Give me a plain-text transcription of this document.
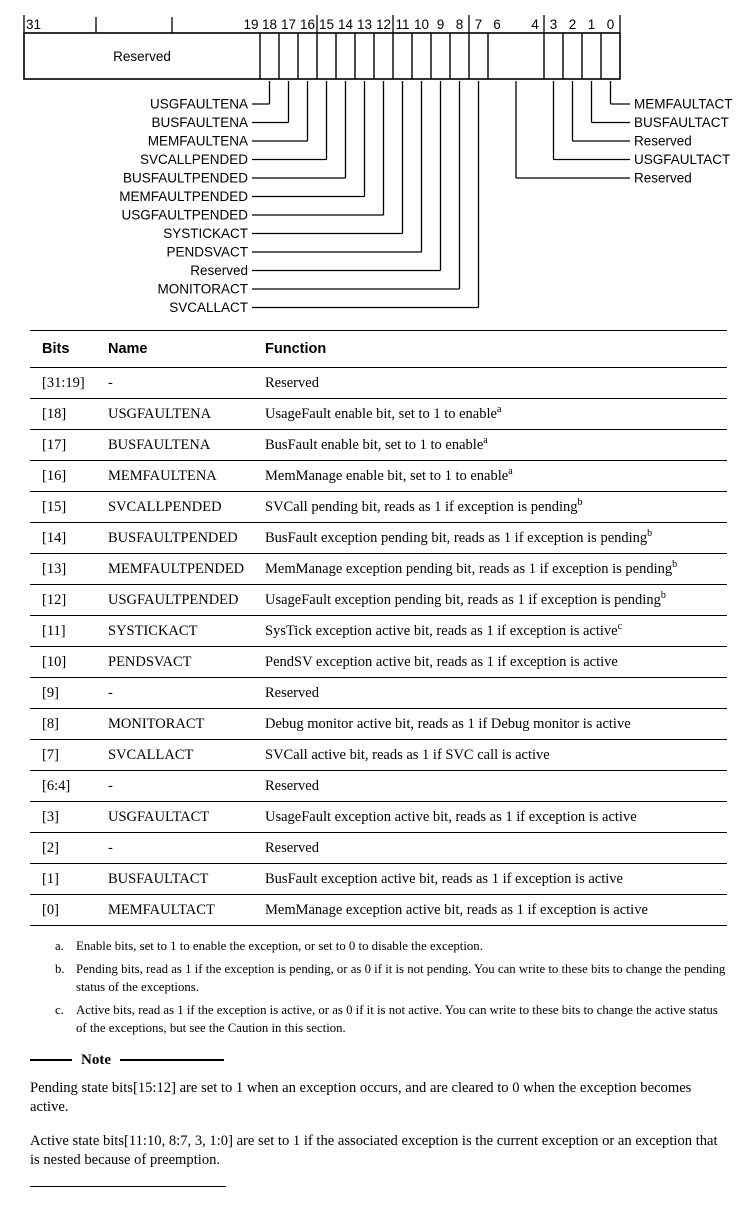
31	19 18 17 16 15 14 13 12 11 10 9 8 7 6 4 3 2 1 0
Reserved
USGFAULTENA
BUSFAULTENA
MEMFAULTENA
SVCALLPENDED
BUSFAULTPENDED
MEMFAULTPENDED
USGFAULTPENDED
SYSTICKACT
PENDSVACT
Reserved
MONITORACT
SVCALLACT
MEMFAULTACT
BUSFAULTACT
Reserved
USGFAULTACT
Reserved
Bits	Name	Function
[31:19]	-	Reserved
[18]	USGFAULTENA	UsageFault enable bit, set to 1 to enable$^a$
[17]	BUSFAULTENA	BusFault enable bit, set to 1 to enable$^a$
[16]	MEMFAULTENA	MemManage enable bit, set to 1 to enable$^a$
[15]	SVCALLPENDED	SVCall pending bit, reads as 1 if exception is pending$^b$
[14]	BUSFAULTPENDED	BusFault exception pending bit, reads as 1 if exception is pending$^b$
[13]	MEMFAULTPENDED	MemManage exception pending bit, reads as 1 if exception is pending$^b$
[12]	USGFAULTPENDED	UsageFault exception pending bit, reads as 1 if exception is pending$^b$
[11]	SYSTICKACT	SysTick exception active bit, reads as 1 if exception is active$^c$
[10]	PENDSVACT	PendSV exception active bit, reads as 1 if exception is active
[9]	-	Reserved
[8]	MONITORACT	Debug monitor active bit, reads as 1 if Debug monitor is active
[7]	SVCALLACT	SVCall active bit, reads as 1 if SVC call is active
[6:4]	-	Reserved
[3]	USGFAULTACT	UsageFault exception active bit, reads as 1 if exception is active
[2]	-	Reserved
[1]	BUSFAULTACT	BusFault exception active bit, reads as 1 if exception is active
[0]	MEMFAULTACT	MemManage exception active bit, reads as 1 if exception is active
a. Enable bits, set to 1 to enable the exception, or set to 0 to disable the exception.
b. Pending bits, read as 1 if the exception is pending, or as 0 if it is not pending. You can write to these bits to change the pending status of the exceptions.
c. Active bits, read as 1 if the exception is active, or as 0 if it is not active. You can write to these bits to change the active status of the exceptions, but see the Caution in this section.
Note

Pending state bits[15:12] are set to 1 when an exception occurs, and are cleared to 0 when the exception becomes active.

Active state bits[11:10, 8:7, 3, 1:0] are set to 1 if the associated exception is the current exception or an exception that is nested because of preemption.
